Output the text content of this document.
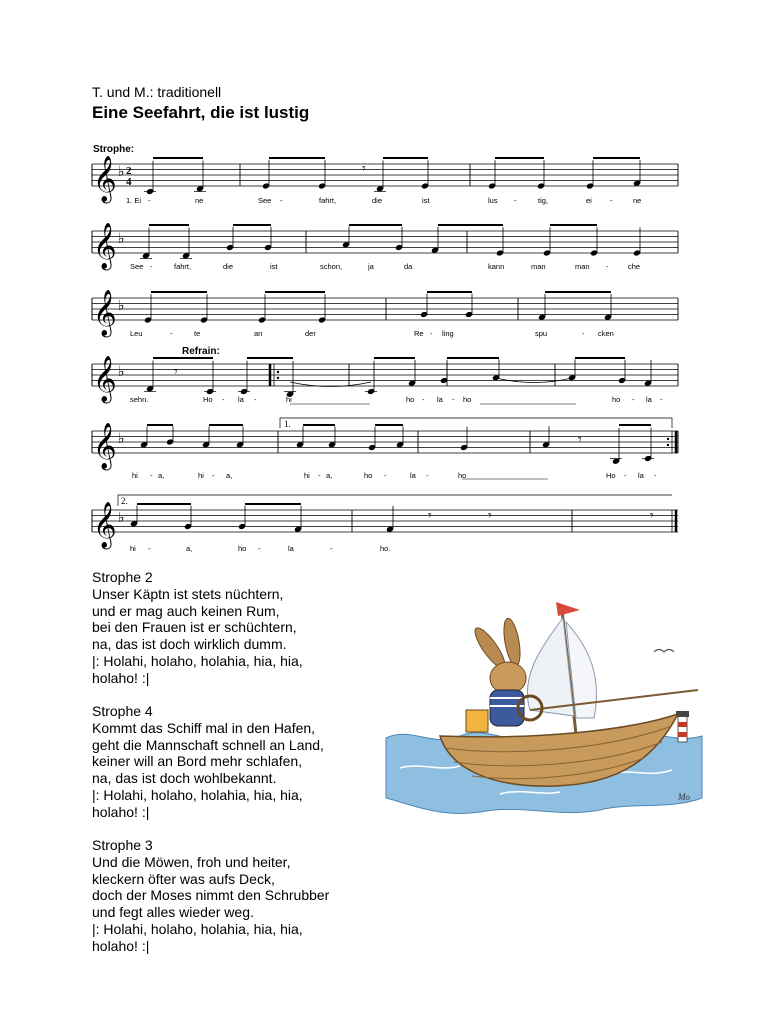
T. und M.: traditionell
Eine Seefahrt, die ist lustig
𝄞 ♭ 2
4
1. Ei -	ne	See -	fahrt,	die	ist	lus -	tig,	ei -	ne
𝄞 ♭
See -	fahrt,	die	ist	schon,	ja	da	kann	man	man -	che
𝄞 ♭
Leu	-	te	an	der	Re - ling	spu	- cken
𝄞 ♭
sehn.	Ho - la -	hi	ho - la - ho	ho - la -
𝄞 ♭
hi - a,	hi - a,	hi - a,	ho -	la -	ho	Ho - la -
𝄞 ♭
hi -	a,	ho -	la	-	ho.
𝄾
𝄾
𝄾
𝄾	𝄾	𝄾
Strophe:
Refrain:
1.
2.
Strophe 2
Unser Käptn ist stets nüchtern,
und er mag auch keinen Rum,
bei den Frauen ist er schüchtern,
na, das ist doch wirklich dumm.
|: Holahi, holaho, holahia, hia, hia,
holaho! :|
Strophe 4
Kommt das Schiff mal in den Hafen,
geht die Mannschaft schnell an Land,
keiner will an Bord mehr schlafen,
na, das ist doch wohlbekannt.
|: Holahi, holaho, holahia, hia, hia,
holaho! :|
Strophe 3
Und die Möwen, froh und heiter,
kleckern öfter was aufs Deck,
doch der Moses nimmt den Schrubber
und fegt alles wieder weg.
|: Holahi, holaho, holahia, hia, hia,
holaho! :|
Mo
